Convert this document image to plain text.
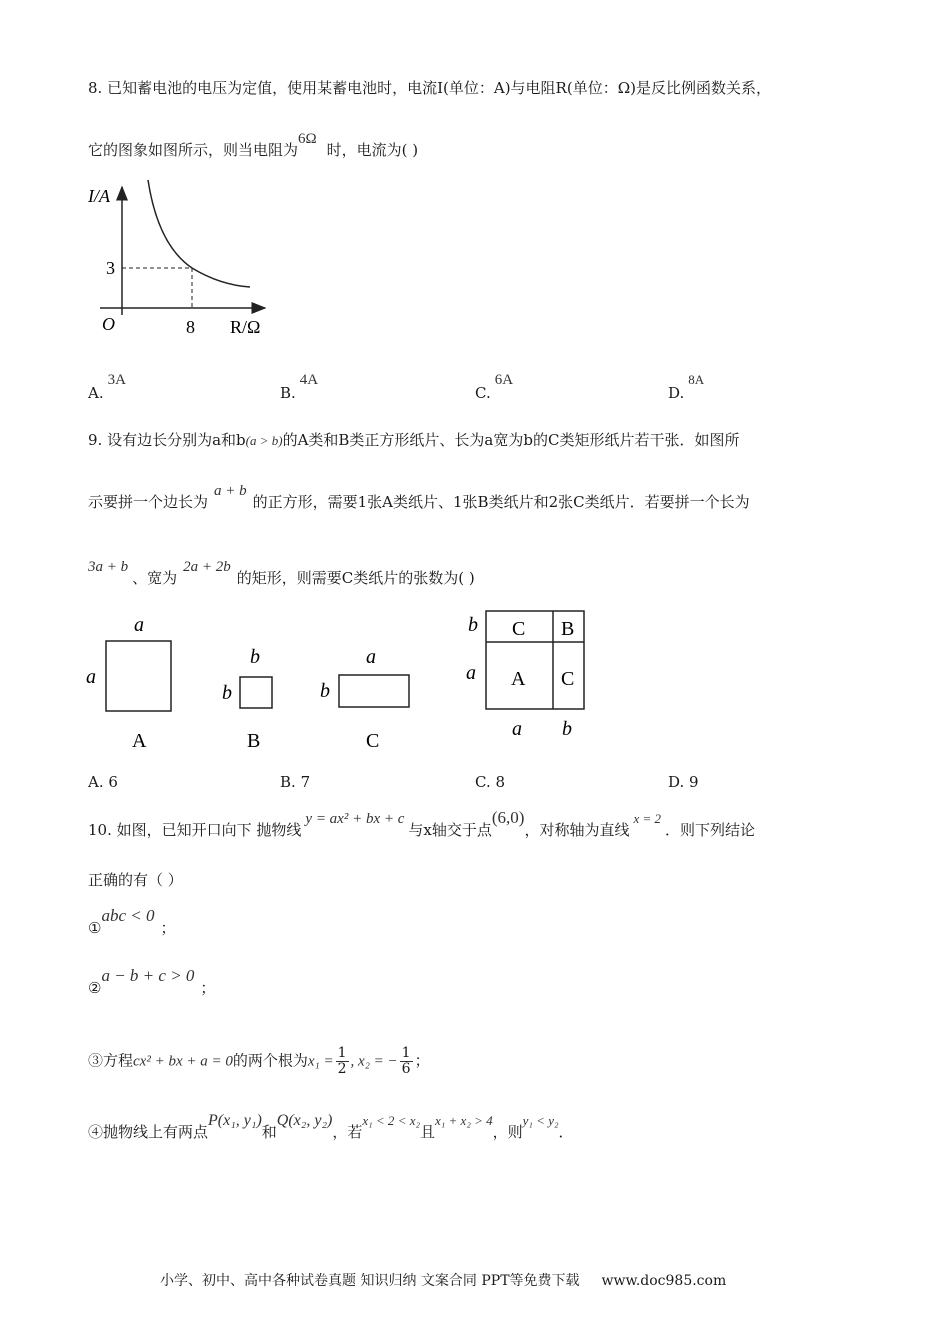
8. 已知蓄电池的电压为定值，使用某蓄电池时，电流I(单位：A)与电阻R(单位：Ω)是反比例函数关系，
它的图象如图所示，则当电阻为6Ω时，电流为( )
I/A
3
O	8 R/Ω
A.3A
B.4A
C.6A
D.8A
9. 设有边长分别为a和b(a > b)的A类和B类正方形纸片、长为a宽为b的C类矩形纸片若干张．如图所
示要拼一个边长为a + b的正方形，需要1张A类纸片、1张B类纸片和2张C类纸片．若要拼一个长为
3a + b、宽为2a + 2b的矩形，则需要C类纸片的张数为( )
a
a
A
b
b
B
a
b
C
C B
A C
b
a
a b
A. 6	B. 7	C. 8	D. 9
10. 如图，已知开口向下 抛物线y = ax² + bx + c与x轴交于点(6,0)，对称轴为直线x = 2．则下列结论
正确的有（ ）
①abc < 0；
②a − b + c > 0；
③方程cx² + bx + a = 0的两个根为$x_1 = \frac{1}{2}$ , x₂ = − $\frac{1}{6}$ ；
④抛物线上有两点P(x₁, y₁)和Q(x₂, y₂)，若x₁ < 2 < x₂且x₁ + x₂ > 4，则y₁ < y₂．
小学、初中、高中各种试卷真题 知识归纳 文案合同 PPT等免费下载 www.doc985.com
